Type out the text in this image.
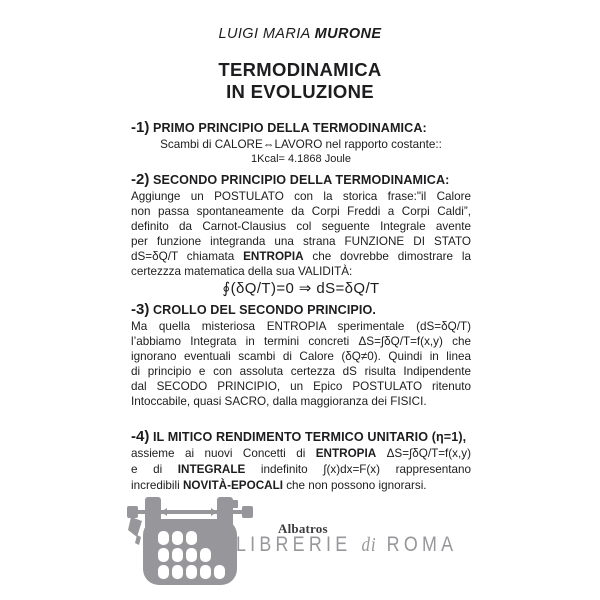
LUIGI MARIA MURONE
TERMODINAMICA
IN EVOLUZIONE
-1) PRIMO PRINCIPIO DELLA TERMODINAMICA:
Scambi di CALORE⇔LAVORO nel rapporto costante::
1Kcal= 4.1868 Joule
-2) SECONDO PRINCIPIO DELLA TERMODINAMICA:
Aggiunge un POSTULATO con la storica frase:"il Calore
non passa spontaneamente da Corpi Freddi a Corpi Caldi”,
definito da Carnot-Clausius col seguente Integrale avente
per funzione integranda una strana FUNZIONE DI STATO
dS=δQ/T chiamata ENTROPIA che dovrebbe dimostrare la
certezzza matematica della sua VALIDITÀ:
∮(δQ/T)=0 ⇒ dS=δQ/T
-3) CROLLO DEL SECONDO PRINCIPIO.
Ma quella misteriosa ENTROPIA sperimentale (dS=δQ/T)
l’abbiamo Integrata in termini concreti ΔS=∫δQ/T=f(x,y) che
ignorano eventuali scambi di Calore (δQ≠0). Quindi in linea
di principio e con assoluta certezza dS risulta Indipendente
dal SECODO PRINCIPIO, un Epico POSTULATO ritenuto
Intoccabile, quasi SACRO, dalla maggioranza dei FISICI.
-4) IL MITICO RENDIMENTO TERMICO UNITARIO (η=1),
assieme ai nuovi Concetti di ENTROPIA ΔS=∫δQ/T=f(x,y)
e di INTEGRALE indefinito ∫(x)dx=F(x) rappresentano
incredibili NOVITÀ-EPOCALI che non possono ignorarsi.
Albatros
LIBRERIE di ROMA
